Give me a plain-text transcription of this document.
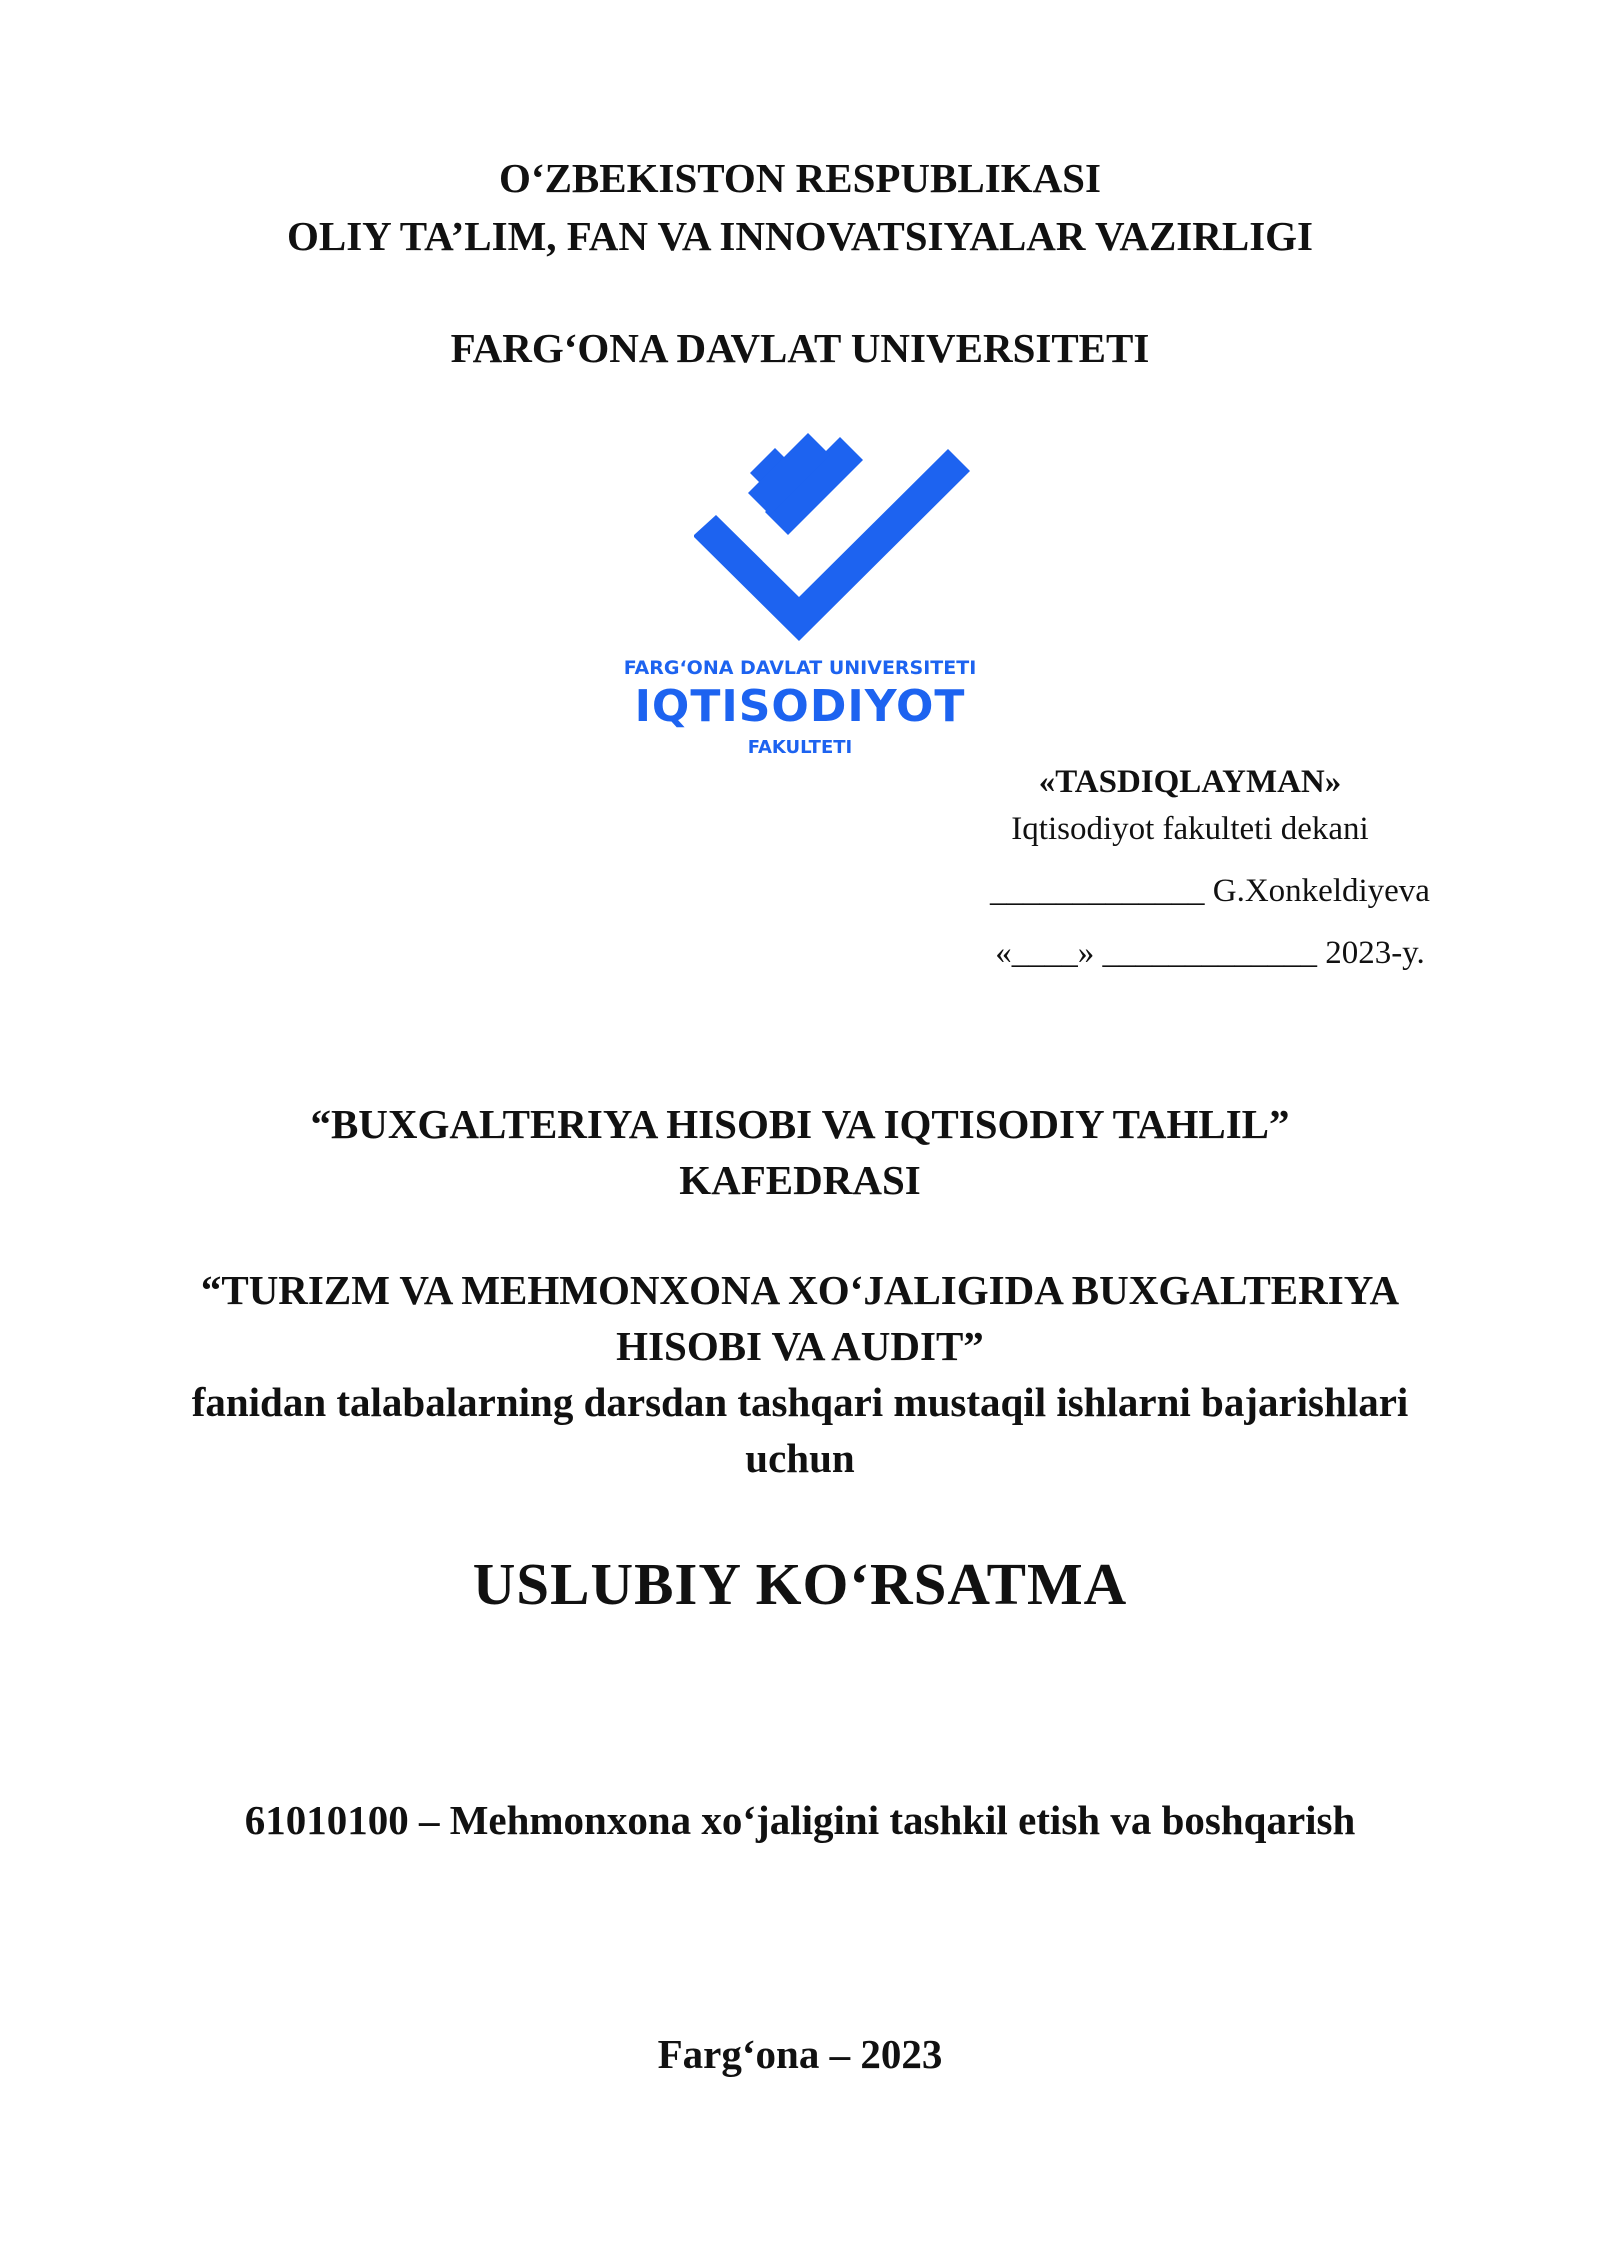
O‘ZBEKISTON RESPUBLIKASI
OLIY TA’LIM, FAN VA INNOVATSIYALAR VAZIRLIGI
FARG‘ONA DAVLAT UNIVERSITETI
FARG‘ONA DAVLAT UNIVERSITETI
IQTISODIYOT
FAKULTETI
«TASDIQLAYMAN»
Iqtisodiyot fakulteti dekani
_____________ G.Xonkeldiyeva
«____» _____________ 2023-y.
“BUXGALTERIYA HISOBI VA IQTISODIY TAHLIL”
KAFEDRASI
“TURIZM VA MEHMONXONA XO‘JALIGIDA BUXGALTERIYA
HISOBI VA AUDIT”
fanidan talabalarning darsdan tashqari mustaqil ishlarni bajarishlari
uchun
USLUBIY KO‘RSATMA
61010100 – Mehmonxona xo‘jaligini tashkil etish va boshqarish
Farg‘ona – 2023
